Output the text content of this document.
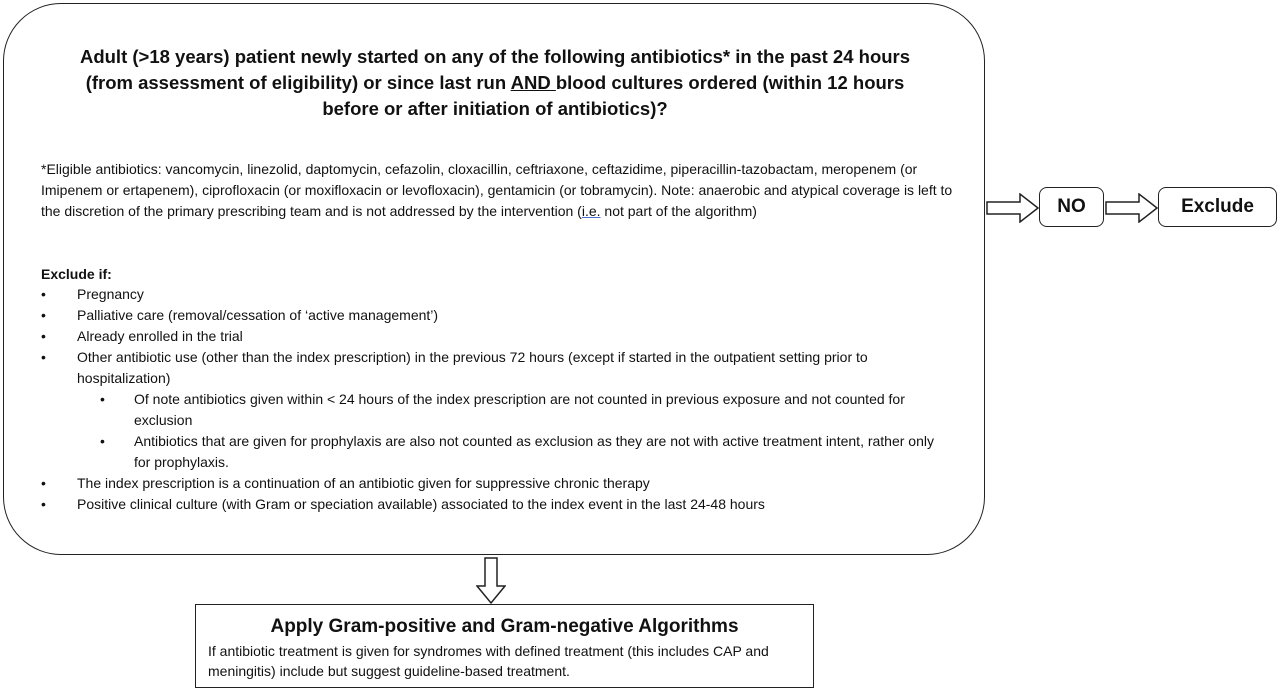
Adult (>18 years) patient newly started on any of the following antibiotics* in the past 24 hours
(from assessment of eligibility) or since last run AND blood cultures ordered (within 12 hours
before or after initiation of antibiotics)?
*Eligible antibiotics: vancomycin, linezolid, daptomycin, cefazolin, cloxacillin, ceftriaxone, ceftazidime, piperacillin-tazobactam, meropenem (or Imipenem or ertapenem), ciprofloxacin (or moxifloxacin or levofloxacin), gentamicin (or tobramycin). Note: anaerobic and atypical coverage is left to the discretion of the primary prescribing team and is not addressed by the intervention (i.e. not part of the algorithm)
Exclude if:
• Pregnancy
• Palliative care (removal/cessation of ‘active management’)
• Already enrolled in the trial
• Other antibiotic use (other than the index prescription) in the previous 72 hours (except if started in the outpatient setting prior to hospitalization)
• Of note antibiotics given within < 24 hours of the index prescription are not counted in previous exposure and not counted for exclusion
• Antibiotics that are given for prophylaxis are also not counted as exclusion as they are not with active treatment intent, rather only for prophylaxis.
• The index prescription is a continuation of an antibiotic given for suppressive chronic therapy
• Positive clinical culture (with Gram or speciation available) associated to the index event in the last 24-48 hours
NO	Exclude
Apply Gram-positive and Gram-negative Algorithms
If antibiotic treatment is given for syndromes with defined treatment (this includes CAP and meningitis) include but suggest guideline-based treatment.
